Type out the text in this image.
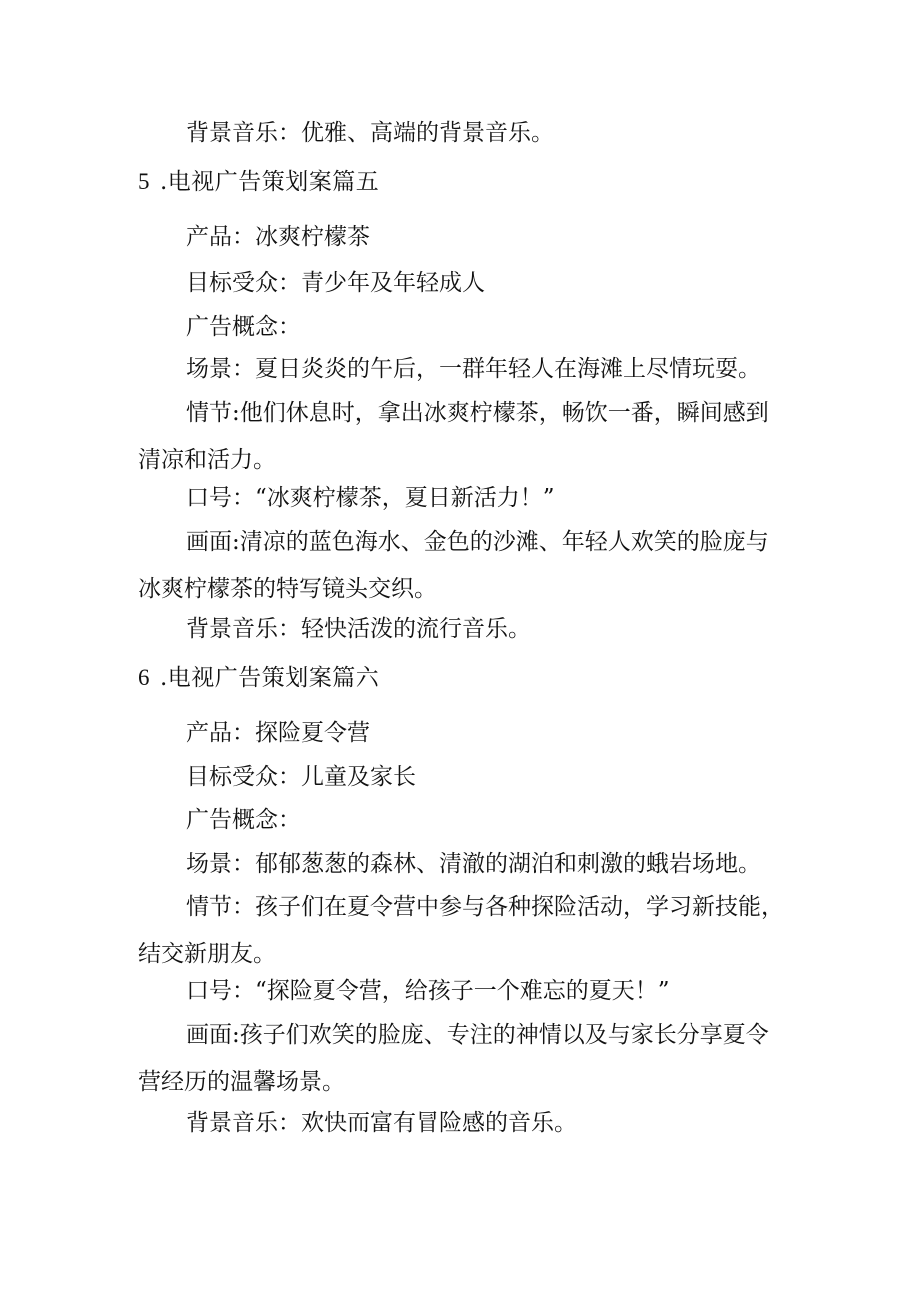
背景音乐：优雅、高端的背景音乐。

5 .电视广告策划案篇五

产品：冰爽柠檬茶

目标受众：青少年及年轻成人

广告概念：

场景：夏日炎炎的午后，一群年轻人在海滩上尽情玩耍。

情节:他们休息时，拿出冰爽柠檬茶，畅饮一番，瞬间感到清凉和活力。

口号：“冰爽柠檬茶，夏日新活力！”

画面:清凉的蓝色海水、金色的沙滩、年轻人欢笑的脸庞与冰爽柠檬茶的特写镜头交织。

背景音乐：轻快活泼的流行音乐。

6 .电视广告策划案篇六

产品：探险夏令营

目标受众：儿童及家长

广告概念：

场景：郁郁葱葱的森林、清澈的湖泊和刺激的蛾岩场地。

情节：孩子们在夏令营中参与各种探险活动，学习新技能，结交新朋友。

口号：“探险夏令营，给孩子一个难忘的夏天！”

画面:孩子们欢笑的脸庞、专注的神情以及与家长分享夏令营经历的温馨场景。

背景音乐：欢快而富有冒险感的音乐。
